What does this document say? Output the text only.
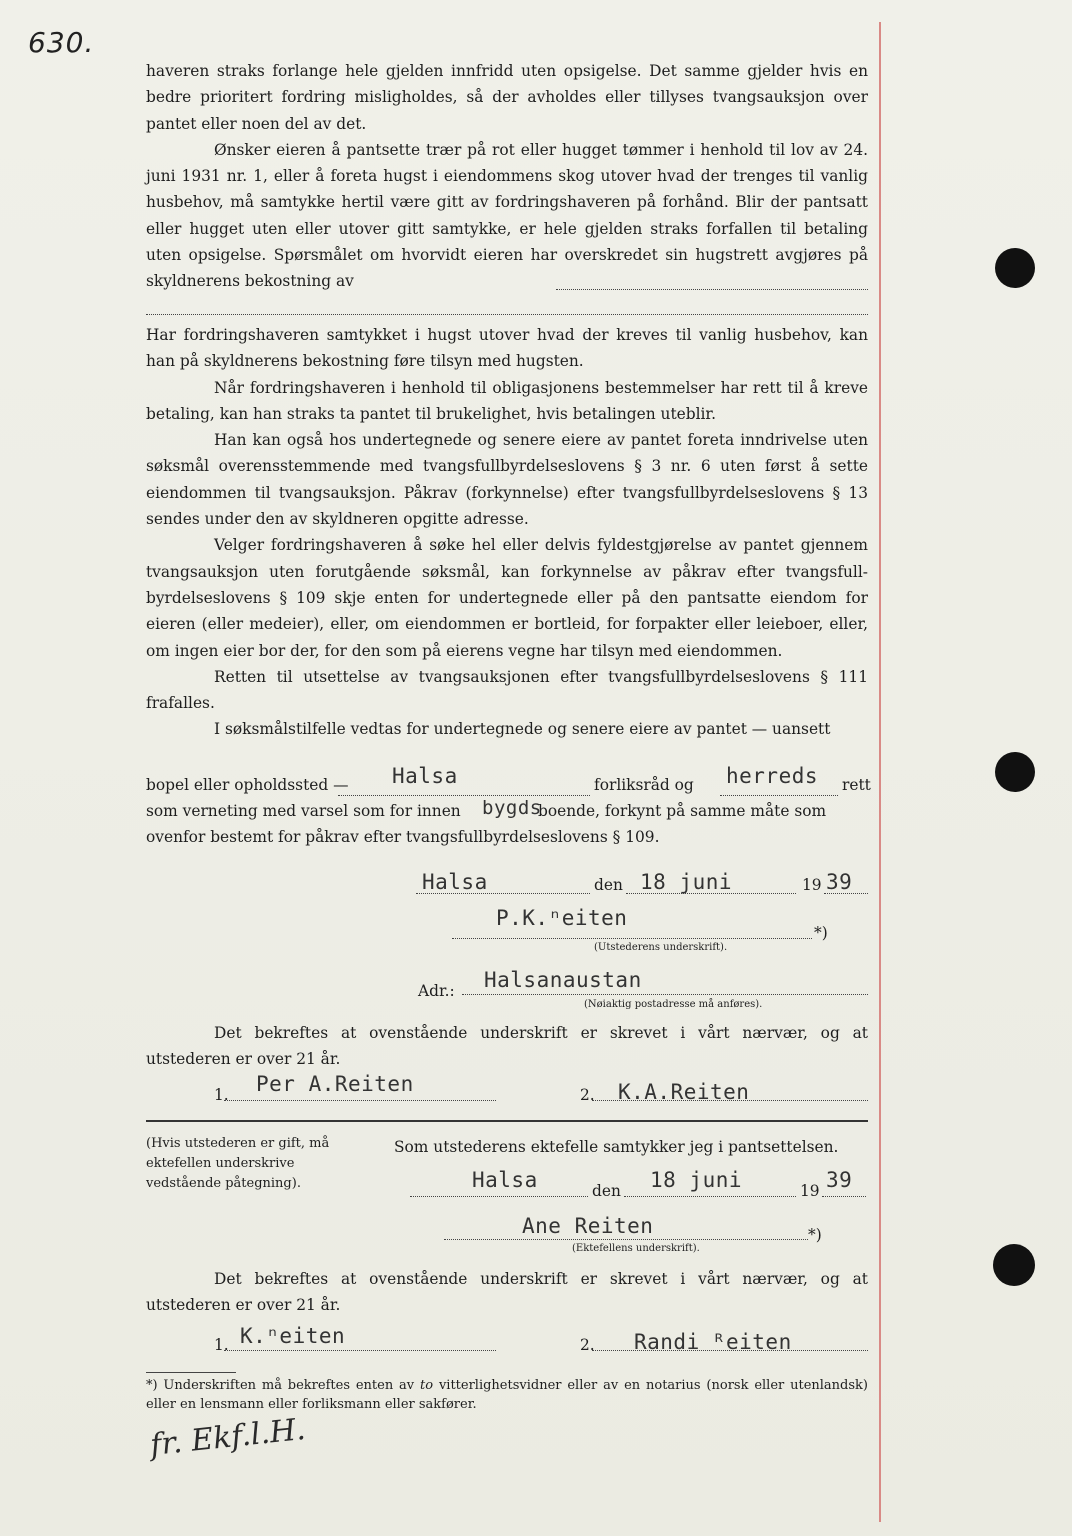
630.

haveren straks forlange hele gjelden innfridd uten opsigelse. Det samme gjelder hvis en bedre prioritert fordring misligholdes, så der avholdes eller tillyses tvangsauksjon over pantet eller noen del av det.

Ønsker eieren å pantsette trær på rot eller hugget tømmer i henhold til lov av 24. juni 1931 nr. 1, eller å foreta hugst i eiendommens skog utover hvad der trenges til vanlig husbehov, må samtykke hertil være gitt av fordringshaveren på forhånd. Blir der pantsatt eller hugget uten eller utover gitt samtykke, er hele gjelden straks forfallen til betaling uten opsigelse. Spørsmålet om hvorvidt eieren har overskredet sin hugstrett avgjøres på skyldnerens bekostning av

Har fordringshaveren samtykket i hugst utover hvad der kreves til vanlig husbehov, kan han på skyldnerens bekostning føre tilsyn med hugsten.

Når fordringshaveren i henhold til obligasjonens bestemmelser har rett til å kreve betaling, kan han straks ta pantet til brukelighet, hvis betalingen uteblir.

Han kan også hos undertegnede og senere eiere av pantet foreta inndrivelse uten søksmål overensstemmende med tvangsfullbyrdelseslovens § 3 nr. 6 uten først å sette eiendommen til tvangsauksjon. Påkrav (forkynnelse) efter tvangsfullbyrdelseslovens § 13 sendes under den av skyldneren opgitte adresse.

Velger fordringshaveren å søke hel eller delvis fyldestgjørelse av pantet gjennem tvangsauksjon uten forutgående søksmål, kan forkynnelse av påkrav efter tvangsfullbyrdelseslovens § 109 skje enten for undertegnede eller på den pantsatte eiendom for eieren (eller medeier), eller, om eiendommen er bortleid, for forpakter eller leieboer, eller, om ingen eier bor der, for den som på eierens vegne har tilsyn med eiendommen.

Retten til utsettelse av tvangsauksjonen efter tvangsfullbyrdelseslovens § 111 frafalles.

I søksmålstilfelle vedtas for undertegnede og senere eiere av pantet — uansett

bopel eller opholdssted — Halsa	forliksråd og herreds rett
som verneting med varsel som for innen bygds
boende, forkynt på samme måte som
ovenfor bestemt for påkrav efter tvangsfullbyrdelseslovens § 109.
Halsa	den 18 juni	19 39
P.K.ⁿeiten
*)
(Utstederens underskrift).
Adr.: Halsanaustan
(Nøiaktig postadresse må anføres).

Det bekreftes at ovenstående underskrift er skrevet i vårt nærvær, og at utstederen er over 21 år.

1. Per A.Reiten	2. K.A.Reiten
(Hvis utstederen er gift, må ektefellen underskrive vedstående påtegning).
Som utstederens ektefelle samtykker jeg i pantsettelsen.
Halsa	den 18 juni	19 39
Ane Reiten	*)
(Ektefellens underskrift).

Det bekreftes at ovenstående underskrift er skrevet i vårt nærvær, og at utstederen er over 21 år.

1. K.ⁿeiten	2. Randi ᴿeiten
*) Underskriften må bekreftes enten av to vitterlighetsvidner eller av en notarius (norsk eller utenlandsk) eller en lensmann eller forliksmann eller sakfører.
fr. Ekf.l.H.
